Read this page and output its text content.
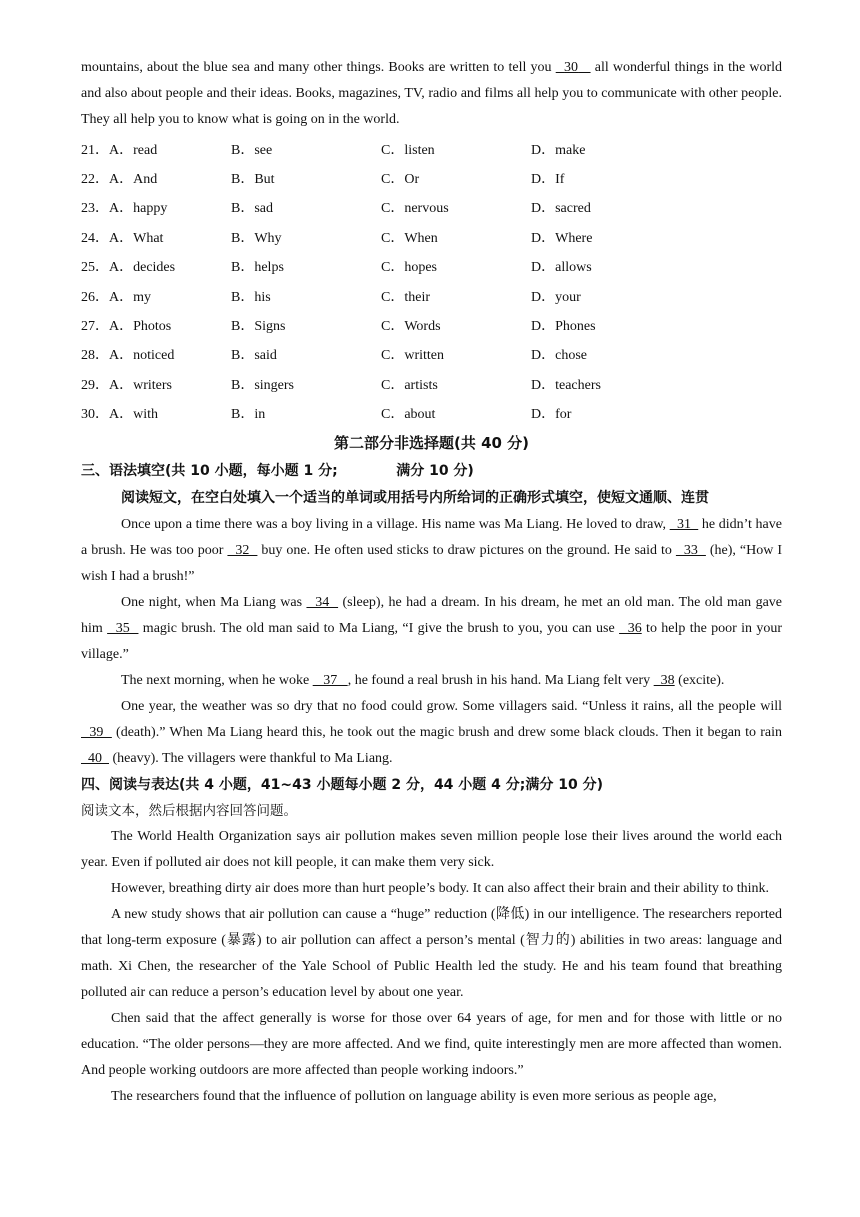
mountains, about the blue sea and many other things. Books are written to tell you   30    all wonderful things in the world and also about people and their ideas. Books, magazines, TV, radio and films all help you to communicate with other people. They all help you to know what is going on in the world.

21．A．read	B．see	C．listen	D．make
22．A．And	B．But	C．Or	D．If
23．A．happy	B．sad	C．nervous	D．sacred
24．A．What	B．Why	C．When	D．Where
25．A．decides	B．helps	C．hopes	D．allows
26．A．my	B．his	C．their	D．your
27．A．Photos	B．Signs	C．Words	D．Phones
28．A．noticed	B．said	C．written	D．chose
29．A．writers	B．singers	C．artists	D．teachers
30．A．with	B．in	C．about	D．for
第二部分非选择题(共 40 分)

三、语法填空(共 10 小题，每小题 1 分;            满分 10 分)

阅读短文，在空白处填入一个适当的单词或用括号内所给词的正确形式填空，使短文通顺、连贯

Once upon a time there was a boy living in a village. His name was Ma Liang. He loved to draw,   31   he didn’t have a brush. He was too poor   32   buy one. He often used sticks to draw pictures on the ground. He said to   33   (he), “How I wish I had a brush!”

One night, when Ma Liang was   34   (sleep), he had a dream. In his dream, he met an old man. The old man gave him   35   magic brush. The old man said to Ma Liang, “I give the brush to you, you can use   36 to help the poor in your village.”

The next morning, when he woke    37   , he found a real brush in his hand. Ma Liang felt very   38 (excite).

One year, the weather was so dry that no food could grow. Some villagers said. “Unless it rains, all the people will   39   (death).” When Ma Liang heard this, he took out the magic brush and drew some black clouds. Then it began to rain   40   (heavy). The villagers were thankful to Ma Liang.

四、阅读与表达(共 4 小题，41~43 小题每小题 2 分，44 小题 4 分;满分 10 分)

阅读文本，然后根据内容回答问题。

The World Health Organization says air pollution makes seven million people lose their lives around the world each year. Even if polluted air does not kill people, it can make them very sick.

However, breathing dirty air does more than hurt people’s body. It can also affect their brain and their ability to think.

A new study shows that air pollution can cause a “huge” reduction (降低) in our intelligence. The researchers reported that long-term exposure (暴露) to air pollution can affect a person’s mental (智力的) abilities in two areas: language and math. Xi Chen, the researcher of the Yale School of Public Health led the study. He and his team found that breathing polluted air can reduce a person’s education level by about one year.

Chen said that the affect generally is worse for those over 64 years of age, for men and for those with little or no education. “The older persons—they are more affected. And we find, quite interestingly men are more affected than women. And people working outdoors are more affected than people working indoors.”

The researchers found that the influence of pollution on language ability is even more serious as people age,
